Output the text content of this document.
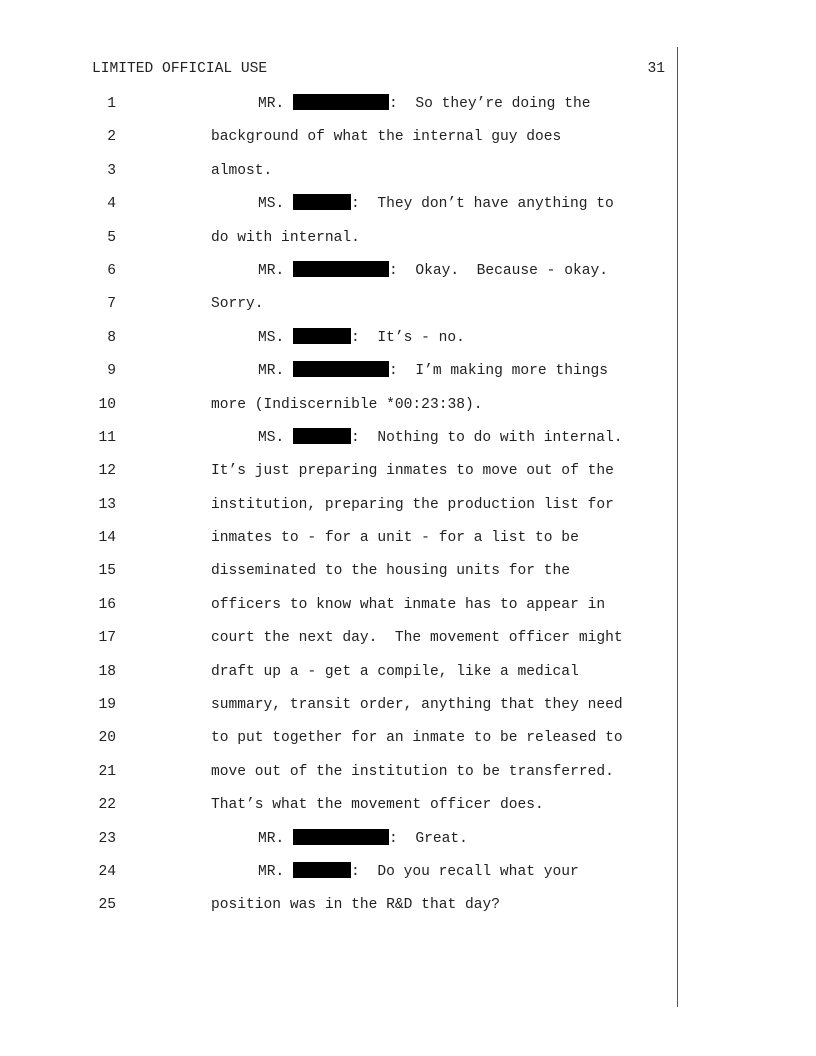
LIMITED OFFICIAL USE	31
1	MR.	:  So they’re doing the
2	background of what the internal guy does
3	almost.
4	MS.	:  They don’t have anything to
5	do with internal.
6	MR.	:  Okay.  Because - okay.
7	Sorry.
8	MS.	:  It’s - no.
9	MR.	:  I’m making more things
10	more (Indiscernible *00:23:38).
11	MS.	:  Nothing to do with internal.
12	It’s just preparing inmates to move out of the
13	institution, preparing the production list for
14	inmates to - for a unit - for a list to be
15	disseminated to the housing units for the
16	officers to know what inmate has to appear in
17	court the next day.  The movement officer might
18	draft up a - get a compile, like a medical
19	summary, transit order, anything that they need
20	to put together for an inmate to be released to
21	move out of the institution to be transferred.
22	That’s what the movement officer does.
23	MR.	:  Great.
24	MR.	:  Do you recall what your
25	position was in the R&D that day?
